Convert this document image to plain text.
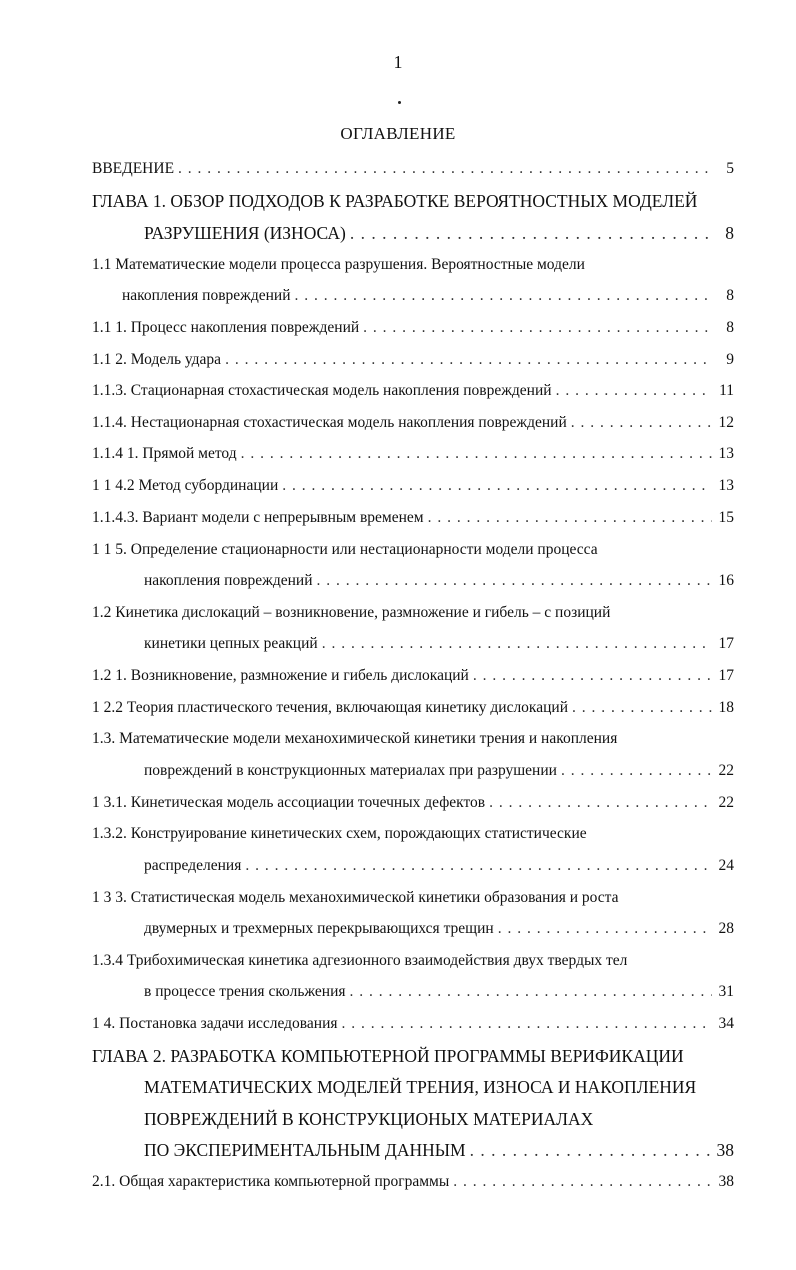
1
ОГЛАВЛЕНИЕ
ВВЕДЕНИЕ . . .	5
ГЛАВА 1. ОБЗОР ПОДХОДОВ К РАЗРАБОТКЕ ВЕРОЯТНОСТНЫХ МОДЕЛЕЙ
РАЗРУШЕНИЯ (ИЗНОСА) . . .	8
1.1 Математические модели процесса разрушения. Вероятностные модели
накопления повреждений . . .	8
1.1 1. Процесс накопления повреждений . . .	8
1.1 2. Модель удара . . .	9
1.1.3. Стационарная стохастическая модель накопления повреждений . . .	11
1.1.4. Нестационарная стохастическая модель накопления повреждений . . .	12
1.1.4 1. Прямой метод . . .	13
1 1 4.2 Метод субординации . . .	13
1.1.4.3. Вариант модели с непрерывным временем . . .	15
1 1 5. Определение стационарности или нестационарности модели процесса
накопления повреждений . . .	16
1.2 Кинетика дислокаций – возникновение, размножение и гибель – с позиций
кинетики цепных реакций . . .	17
1.2 1. Возникновение, размножение и гибель дислокаций . . .	17
1 2.2 Теория пластического течения, включающая кинетику дислокаций . . .	18
1.3. Математические модели механохимической кинетики трения и накопления
повреждений в конструкционных материалах при разрушении . . .	22
1 3.1. Кинетическая модель ассоциации точечных дефектов . . .	22
1.3.2. Конструирование кинетических схем, порождающих статистические
распределения . . .	24
1 3 3. Статистическая модель механохимической кинетики образования и роста
двумерных и трехмерных перекрывающихся трещин . . .	28
1.3.4 Трибохимическая кинетика адгезионного взаимодействия двух твердых тел
в процессе трения скольжения . . .	31
1 4. Постановка задачи исследования . . .	34
ГЛАВА 2. РАЗРАБОТКА КОМПЬЮТЕРНОЙ ПРОГРАММЫ ВЕРИФИКАЦИИ
МАТЕМАТИЧЕСКИХ МОДЕЛЕЙ ТРЕНИЯ, ИЗНОСА И НАКОПЛЕНИЯ
ПОВРЕЖДЕНИЙ В КОНСТРУКЦИОНЫХ МАТЕРИАЛАХ
ПО ЭКСПЕРИМЕНТАЛЬНЫМ ДАННЫМ . . .	38
2.1. Общая характеристика компьютерной программы . . .	38
